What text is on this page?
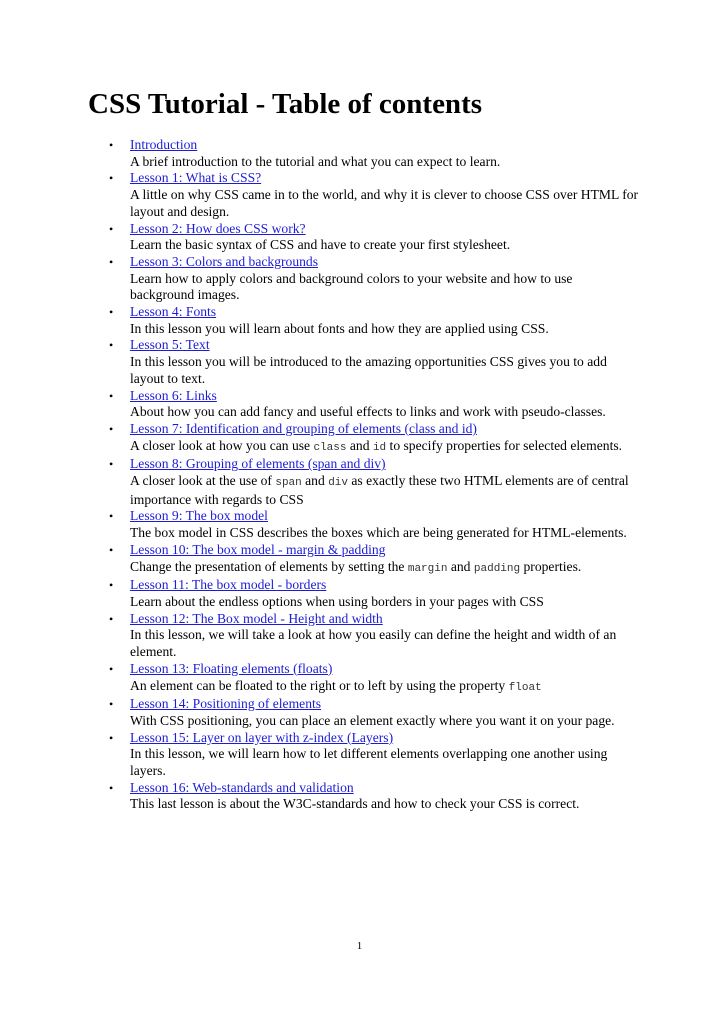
CSS Tutorial - Table of contents
• Introduction
A brief introduction to the tutorial and what you can expect to learn.
• Lesson 1: What is CSS?
A little on why CSS came in to the world, and why it is clever to choose CSS over HTML for layout and design.
• Lesson 2: How does CSS work?
Learn the basic syntax of CSS and have to create your first stylesheet.
• Lesson 3: Colors and backgrounds
Learn how to apply colors and background colors to your website and how to use background images.
• Lesson 4: Fonts
In this lesson you will learn about fonts and how they are applied using CSS.
• Lesson 5: Text
In this lesson you will be introduced to the amazing opportunities CSS gives you to add layout to text.
• Lesson 6: Links
About how you can add fancy and useful effects to links and work with pseudo-classes.
• Lesson 7: Identification and grouping of elements (class and id)
A closer look at how you can use class and id to specify properties for selected elements.
• Lesson 8: Grouping of elements (span and div)
A closer look at the use of span and div as exactly these two HTML elements are of central importance with regards to CSS
• Lesson 9: The box model
The box model in CSS describes the boxes which are being generated for HTML-elements.
• Lesson 10: The box model - margin & padding
Change the presentation of elements by setting the margin and padding properties.
• Lesson 11: The box model - borders
Learn about the endless options when using borders in your pages with CSS
• Lesson 12: The Box model - Height and width
In this lesson, we will take a look at how you easily can define the height and width of an element.
• Lesson 13: Floating elements (floats)
An element can be floated to the right or to left by using the property float
• Lesson 14: Positioning of elements
With CSS positioning, you can place an element exactly where you want it on your page.
• Lesson 15: Layer on layer with z-index (Layers)
In this lesson, we will learn how to let different elements overlapping one another using layers.
• Lesson 16: Web-standards and validation
This last lesson is about the W3C-standards and how to check your CSS is correct.
1
